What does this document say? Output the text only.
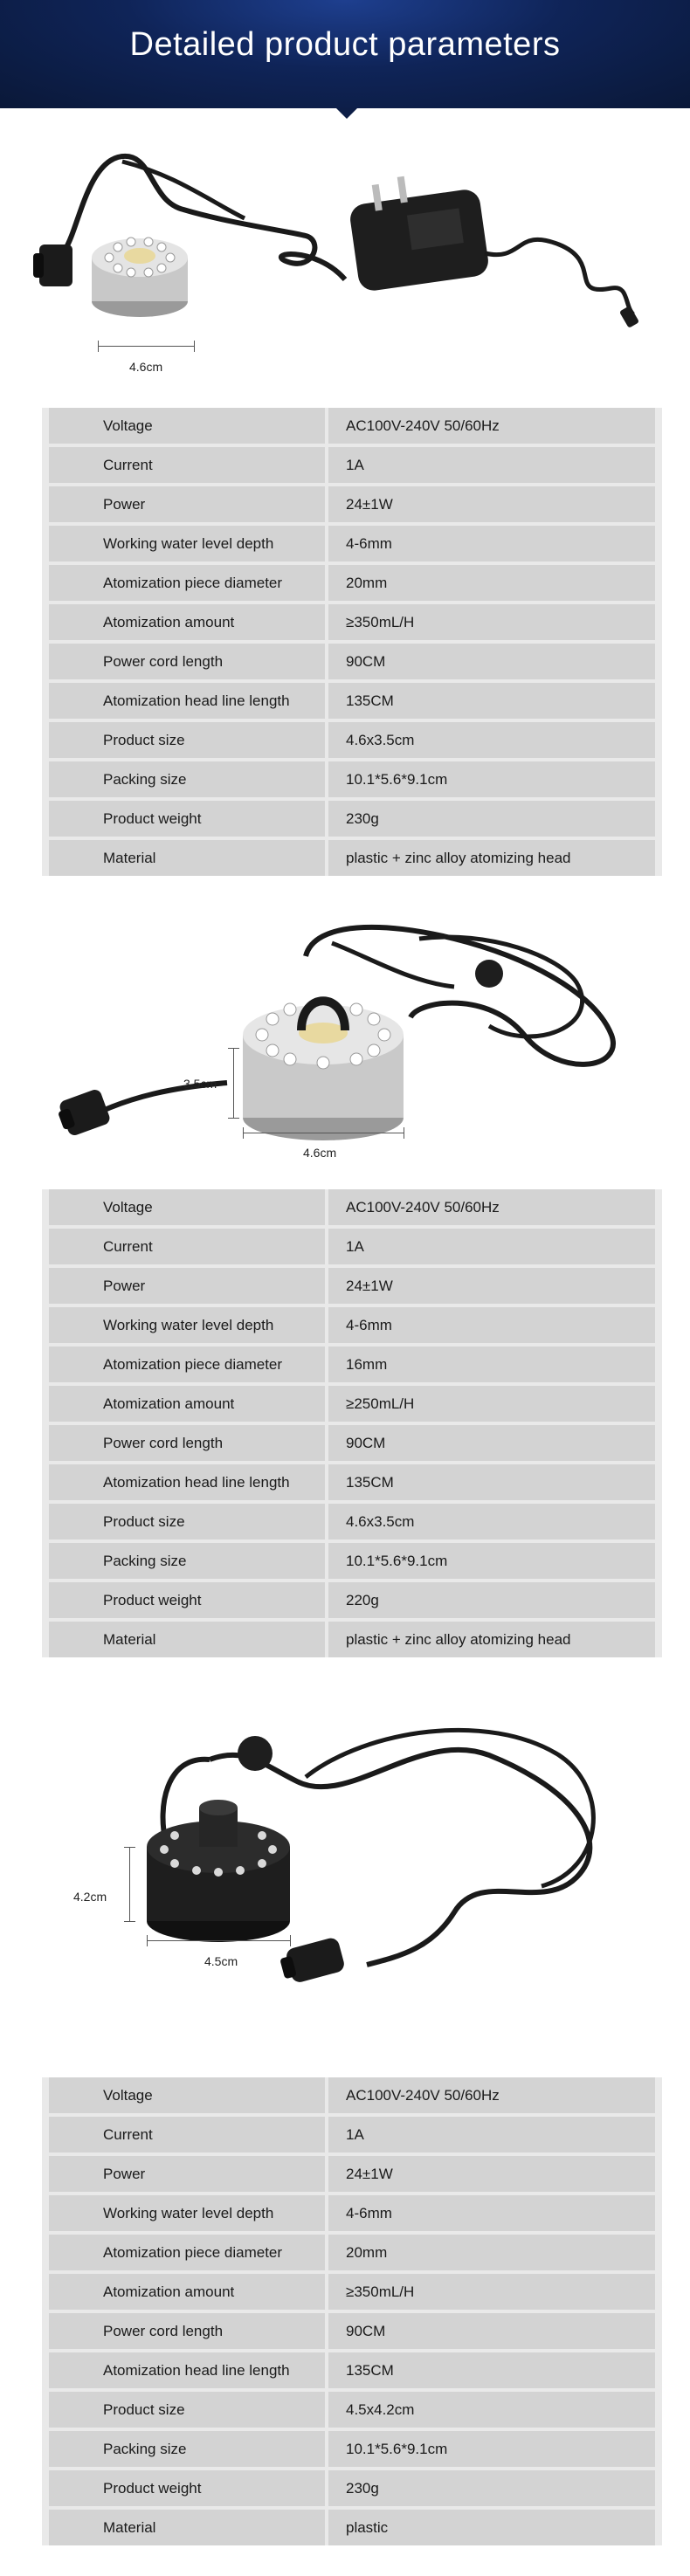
Detailed product parameters
4.6cm
Voltage	AC100V-240V 50/60Hz
Current	1A
Power	24±1W
Working water level depth	4-6mm
Atomization piece diameter	20mm
Atomization amount	≥350mL/H
Power cord length	90CM
Atomization head line length	135CM
Product size	4.6x3.5cm
Packing size	10.1*5.6*9.1cm
Product weight	230g
Material	plastic + zinc alloy atomizing head
3.5cm
4.6cm
Voltage	AC100V-240V 50/60Hz
Current	1A
Power	24±1W
Working water level depth	4-6mm
Atomization piece diameter	16mm
Atomization amount	≥250mL/H
Power cord length	90CM
Atomization head line length	135CM
Product size	4.6x3.5cm
Packing size	10.1*5.6*9.1cm
Product weight	220g
Material	plastic + zinc alloy atomizing head
4.2cm
4.5cm
Voltage	AC100V-240V 50/60Hz
Current	1A
Power	24±1W
Working water level depth	4-6mm
Atomization piece diameter	20mm
Atomization amount	≥350mL/H
Power cord length	90CM
Atomization head line length	135CM
Product size	4.5x4.2cm
Packing size	10.1*5.6*9.1cm
Product weight	230g
Material	plastic
